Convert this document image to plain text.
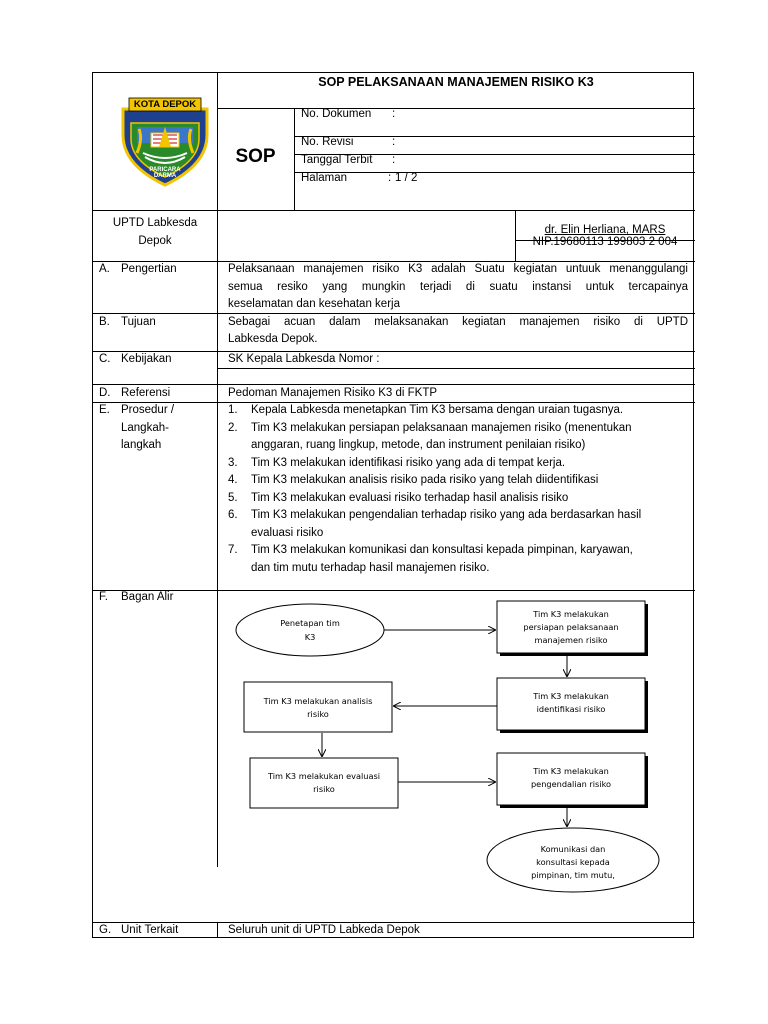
KOTA DEPOK
PARICARA DARMA
SOP PELAKSANAAN MANAJEMEN RISIKO K3
SOP
No. Dokumen :
No. Revisi	:
Tanggal Terbit :
Halaman	: 1 / 2
UPTD Labkesda
Depok
dr. Elin Herliana, MARS
NIP.19680113 199803 2 004
A. Pengertian	Pelaksanaan manajemen risiko K3 adalah Suatu kegiatan untuuk menanggulangi
semua resiko yang mungkin terjadi di suatu instansi untuk tercapainya
keselamatan dan kesehatan kerja
B. Tujuan	Sebagai acuan dalam melaksanakan kegiatan manajemen risiko di UPTD
Labkesda Depok.
C. Kebijakan	SK Kepala Labkesda Nomor :
D. Referensi	Pedoman Manajemen Risiko K3 di FKTP
E. Prosedur /
Langkah-
langkah
1. Kepala Labkesda menetapkan Tim K3 bersama dengan uraian tugasnya.
2. Tim K3 melakukan persiapan pelaksanaan manajemen risiko (menentukan
anggaran, ruang lingkup, metode, dan instrument penilaian risiko)
3. Tim K3 melakukan identifikasi risiko yang ada di tempat kerja.
4. Tim K3 melakukan analisis risiko pada risiko yang telah diidentifikasi
5. Tim K3 melakukan evaluasi risiko terhadap hasil analisis risiko
6. Tim K3 melakukan pengendalian terhadap risiko yang ada berdasarkan hasil
evaluasi risiko
7. Tim K3 melakukan komunikasi dan konsultasi kepada pimpinan, karyawan,
dan tim mutu terhadap hasil manajemen risiko.
F. Bagan Alir
G. Unit Terkait	Seluruh unit di UPTD Labkeda Depok
Penetapan tim
K3
Tim K3 melakukan
persiapan pelaksanaan
manajemen risiko
Tim K3 melakukan
identifikasi risiko
Tim K3 melakukan analisis
risiko
Tim K3 melakukan evaluasi
risiko
Tim K3 melakukan
pengendalian risiko
Komunikasi dan
konsultasi kepada
pimpinan, tim mutu,
